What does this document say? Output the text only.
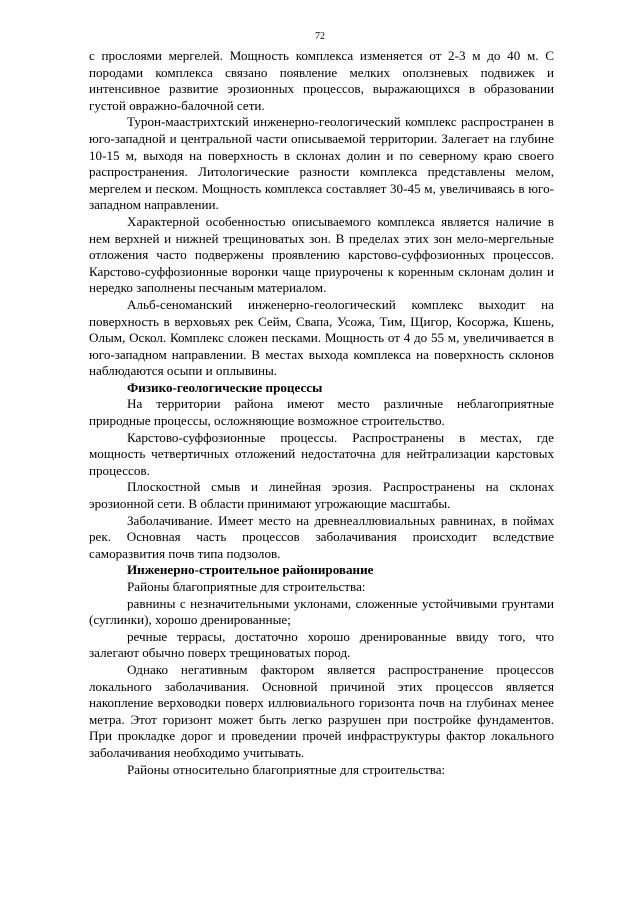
72

с прослоями мергелей. Мощность комплекса изменяется от 2-3 м до 40 м. С породами комплекса связано появление мелких оползневых подвижек и интенсивное развитие эрозионных процессов, выражающихся в образовании густой овражно-балочной сети.

Турон-маастрихтский инженерно-геологический комплекс распространен в юго-западной и центральной части описываемой территории. Залегает на глубине 10-15 м, выходя на поверхность в склонах долин и по северному краю своего распространения. Литологические разности комплекса представлены мелом, мергелем и песком. Мощность комплекса составляет 30-45 м, увеличиваясь в юго-западном направлении.

Характерной особенностью описываемого комплекса является наличие в нем верхней и нижней трещиноватых зон. В пределах этих зон мело-мергельные отложения часто подвержены проявлению карстово-суффозионных процессов. Карстово-суффозионные воронки чаще приурочены к коренным склонам долин и нередко заполнены песчаным материалом.

Альб-сеноманский инженерно-геологический комплекс выходит на поверхность в верховьях рек Сейм, Свапа, Усожа, Тим, Щигор, Косоржа, Кшень, Олым, Оскол. Комплекс сложен песками. Мощность от 4 до 55 м, увеличивается в юго-западном направлении. В местах выхода комплекса на поверхность склонов наблюдаются осыпи и оплывины.

Физико-геологические процессы

На территории района имеют место различные неблагоприятные природные процессы, осложняющие возможное строительство.

Карстово-суффозионные процессы. Распространены в местах, где мощность четвертичных отложений недостаточна для нейтрализации карстовых процессов.

Плоскостной смыв и линейная эрозия. Распространены на склонах эрозионной сети. В области принимают угрожающие масштабы.

Заболачивание. Имеет место на древнеаллювиальных равнинах, в поймах рек. Основная часть процессов заболачивания происходит вследствие саморазвития почв типа подзолов.

Инженерно-строительное районирование

Районы благоприятные для строительства:

равнины с незначительными уклонами, сложенные устойчивыми грунтами (суглинки), хорошо дренированные;

речные террасы, достаточно хорошо дренированные ввиду того, что залегают обычно поверх трещиноватых пород.

Однако негативным фактором является распространение процессов локального заболачивания. Основной причиной этих процессов является накопление верховодки поверх иллювиального горизонта почв на глубинах менее метра. Этот горизонт может быть легко разрушен при постройке фундаментов. При прокладке дорог и проведении прочей инфраструктуры фактор локального заболачивания необходимо учитывать.

Районы относительно благоприятные для строительства:
